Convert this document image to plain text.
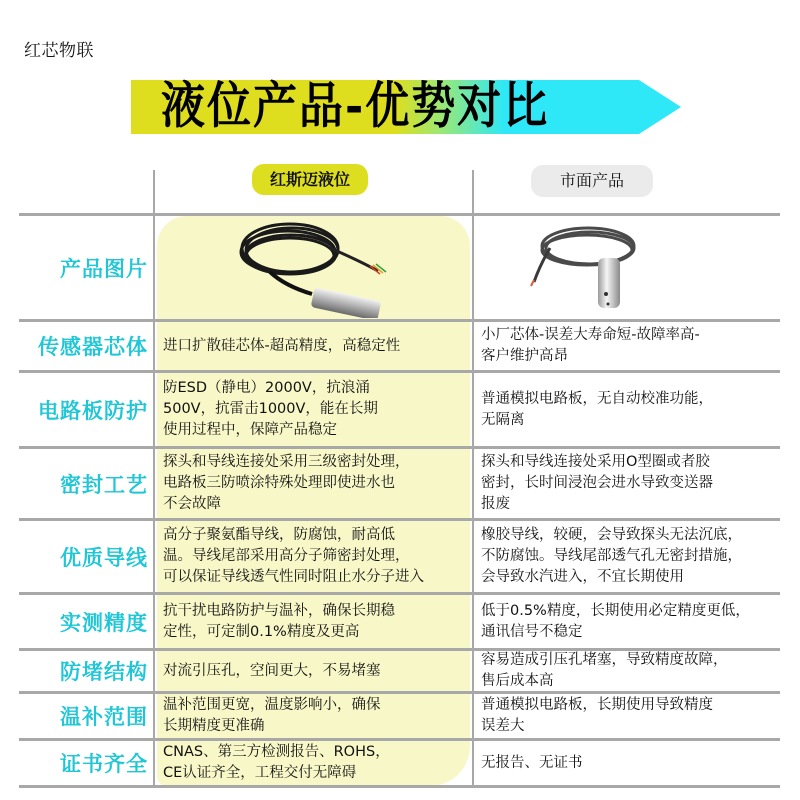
红芯物联
液位产品-优势对比
红斯迈液位	市面产品
产品图片
传感器芯体
电路板防护
密封工艺
优质导线
实测精度
防堵结构
温补范围
证书齐全
进口扩散硅芯体-超高精度，高稳定性
防ESD（静电）2000V，抗浪涌
500V，抗雷击1000V，能在长期
使用过程中，保障产品稳定
探头和导线连接处采用三级密封处理，
电路板三防喷涂特殊处理即使进水也
不会故障
高分子聚氨酯导线，防腐蚀，耐高低
温。导线尾部采用高分子筛密封处理，
可以保证导线透气性同时阻止水分子进入
抗干扰电路防护与温补，确保长期稳
定性，可定制0.1%精度及更高
对流引压孔，空间更大，不易堵塞
温补范围更宽，温度影响小，确保
长期精度更准确
CNAS、第三方检测报告、ROHS，
CE认证齐全，工程交付无障碍
小厂芯体-误差大寿命短-故障率高-
客户维护高昂
普通模拟电路板，无自动校准功能，
无隔离
探头和导线连接处采用O型圈或者胶
密封，长时间浸泡会进水导致变送器
报废
橡胶导线，较硬，会导致探头无法沉底，
不防腐蚀。导线尾部透气孔无密封措施，
会导致水汽进入，不宜长期使用
低于0.5%精度，长期使用必定精度更低，
通讯信号不稳定
容易造成引压孔堵塞，导致精度故障，
售后成本高
普通模拟电路板，长期使用导致精度
误差大
无报告、无证书
